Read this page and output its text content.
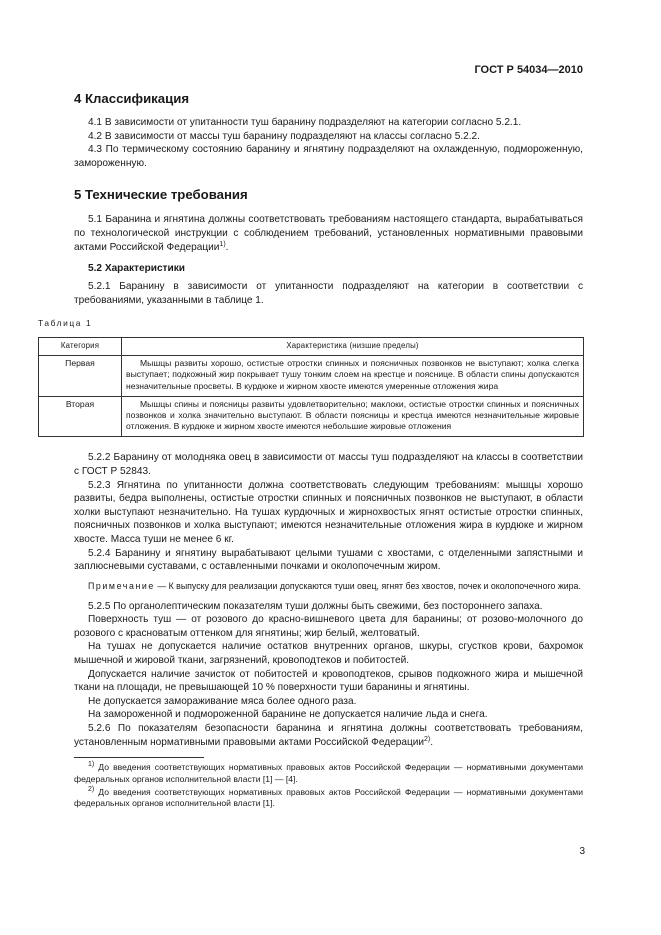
ГОСТ Р 54034—2010
4 Классификация

4.1 В зависимости от упитанности туш баранину подразделяют на категории согласно 5.2.1.

4.2 В зависимости от массы туш баранину подразделяют на классы согласно 5.2.2.

4.3 По термическому состоянию баранину и ягнятину подразделяют на охлажденную, подмороженную, замороженную.

5 Технические требования

5.1 Баранина и ягнятина должны соответствовать требованиям настоящего стандарта, вырабатываться по технологической инструкции с соблюдением требований, установленных нормативными правовыми актами Российской Федерации$^{1)}$.

5.2 Характеристики

5.2.1 Баранину в зависимости от упитанности подразделяют на категории в соответствии с требованиями, указанными в таблице 1.

Таблица 1
Категория	Характеристика (низшие пределы)
Первая	Мышцы развиты хорошо, остистые отростки спинных и поясничных позвонков не выступают; холка слегка выступает; подкожный жир покрывает тушу тонким слоем на крестце и пояснице. В области спины допускаются незначительные просветы. В курдюке и жирном хвосте имеются умеренные отложения жира
Вторая	Мышцы спины и поясницы развиты удовлетворительно; маклоки, остистые отростки спинных и поясничных позвонков и холка значительно выступают. В области поясницы и крестца имеются незначительные жировые отложения. В курдюке и жирном хвосте имеются небольшие жировые отложения

5.2.2 Баранину от молодняка овец в зависимости от массы туш подразделяют на классы в соответствии с ГОСТ Р 52843.

5.2.3 Ягнятина по упитанности должна соответствовать следующим требованиям: мышцы хорошо развиты, бедра выполнены, остистые отростки спинных и поясничных позвонков не выступают, в области холки выступают незначительно. На тушах курдючных и жирнохвостых ягнят остистые отростки спинных, поясничных позвонков и холка выступают; имеются незначительные отложения жира в курдюке и жирном хвосте. Масса туши не менее 6 кг.

5.2.4 Баранину и ягнятину вырабатывают целыми тушами с хвостами, с отделенными запястными и заплюсневыми суставами, с оставленными почками и околопочечным жиром.

Примечание — К выпуску для реализации допускаются туши овец, ягнят без хвостов, почек и околопочечного жира.

5.2.5 По органолептическим показателям туши должны быть свежими, без постороннего запаха.

Поверхность туш — от розового до красно-вишневого цвета для баранины; от розово-молочного до розового с красноватым оттенком для ягнятины; жир белый, желтоватый.

На тушах не допускается наличие остатков внутренних органов, шкуры, сгустков крови, бахромок мышечной и жировой ткани, загрязнений, кровоподтеков и побитостей.

Допускается наличие зачисток от побитостей и кровоподтеков, срывов подкожного жира и мышечной ткани на площади, не превышающей 10 % поверхности туши баранины и ягнятины.

Не допускается замораживание мяса более одного раза.

На замороженной и подмороженной баранине не допускается наличие льда и снега.

5.2.6 По показателям безопасности баранина и ягнятина должны соответствовать требованиям, установленным нормативными правовыми актами Российской Федерации$^{2)}$.

$^{1)}$ До введения соответствующих нормативных правовых актов Российской Федерации — нормативными документами федеральных органов исполнительной власти [1] — [4].

$^{2)}$ До введения соответствующих нормативных правовых актов Российской Федерации — нормативными документами федеральных органов исполнительной власти [1].

3
